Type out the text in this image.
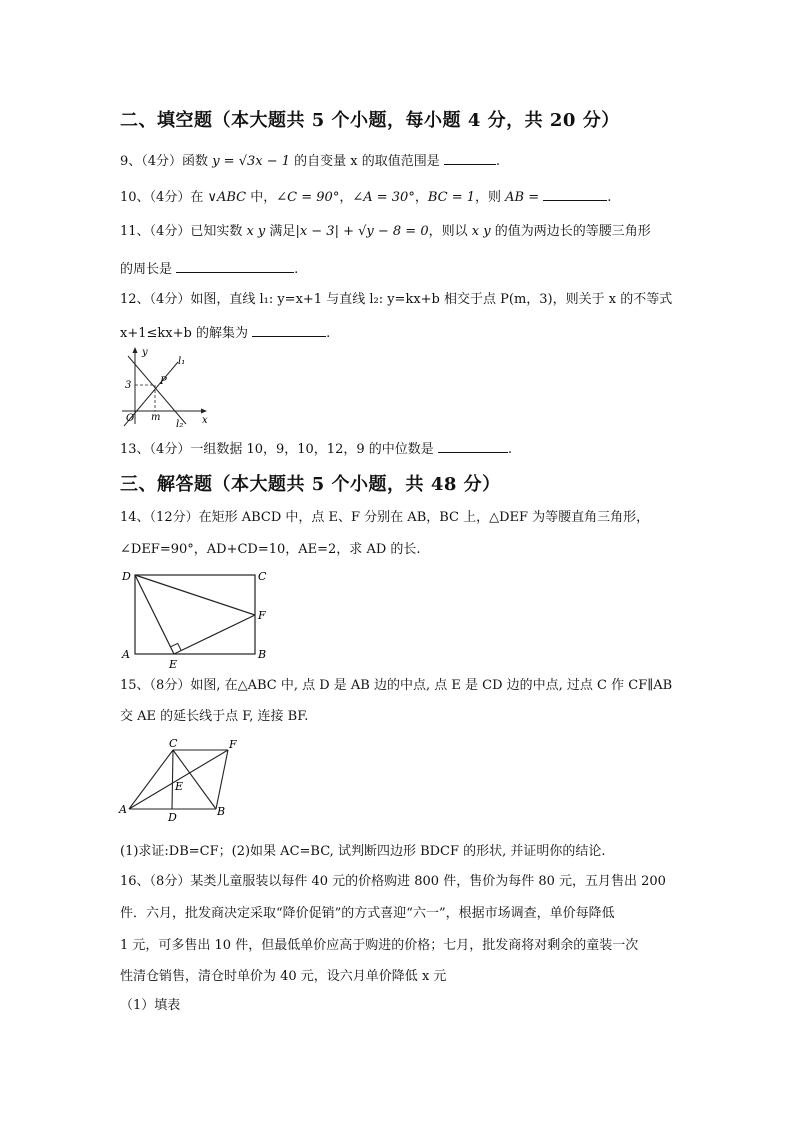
二、填空题（本大题共 5 个小题，每小题 4 分，共 20 分）
9、（4分）函数 y = √3x − 1 的自变量 x 的取值范围是	.
10、（4分）在 ∨ABC 中，∠C = 90°，∠A = 30°，BC = 1，则 AB =	.
11、（4分）已知实数 x y 满足|x − 3| + √y − 8 = 0，则以 x y 的值为两边长的等腰三角形
的周长是	.
12、（4分）如图，直线 l₁: y=x+1 与直线 l₂: y=kx+b 相交于点 P(m，3)，则关于 x 的不等式
x+1≤kx+b 的解集为	.
y
x
l₁
l₂
3	P
O m
13、（4分）一组数据 10，9，10，12，9 的中位数是	.
三、解答题（本大题共 5 个小题，共 48 分）
14、（12分）在矩形 ABCD 中，点 E、F 分别在 AB，BC 上，△DEF 为等腰直角三角形，
∠DEF=90°，AD+CD=10，AE=2，求 AD 的长.
D	C
F
A
E
B
15、（8分）如图, 在△ABC 中, 点 D 是 AB 边的中点, 点 E 是 CD 边的中点, 过点 C 作 CF∥AB
交 AE 的延长线于点 F, 连接 BF.
C	F
E
A
D	B
(1)求证:DB=CF；(2)如果 AC=BC, 试判断四边形 BDCF 的形状, 并证明你的结论.
16、（8分）某类儿童服装以每件 40 元的价格购进 800 件，售价为每件 80 元，五月售出 200
件．六月，批发商决定采取“降价促销”的方式喜迎“六一”，根据市场调查，单价每降低
1 元，可多售出 10 件，但最低单价应高于购进的价格；七月，批发商将对剩余的童装一次
性清仓销售，清仓时单价为 40 元，设六月单价降低 x 元
（1）填表
